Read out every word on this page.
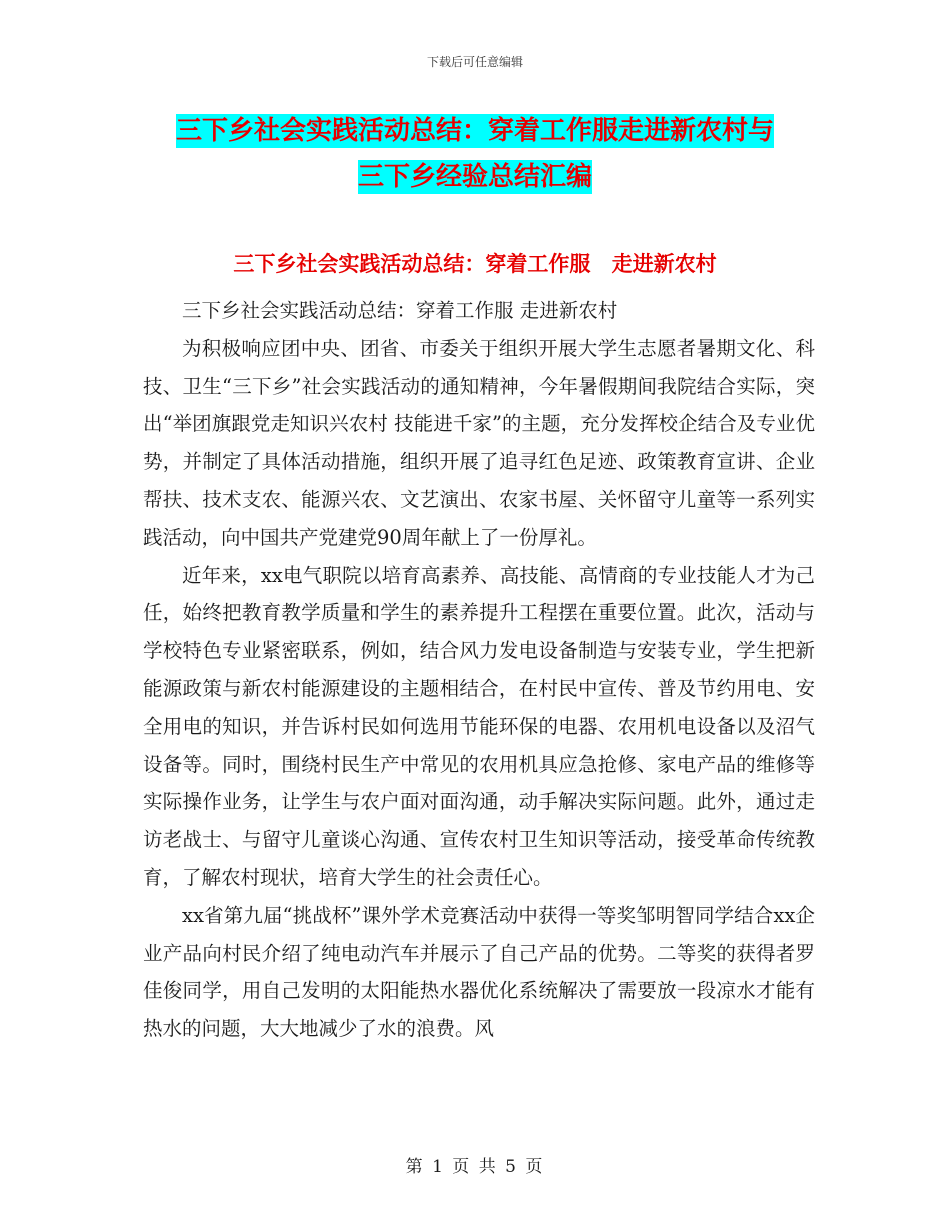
下载后可任意编辑
三下乡社会实践活动总结：穿着工作服走进新农村与
三下乡经验总结汇编
三下乡社会实践活动总结：穿着工作服 走进新农村

三下乡社会实践活动总结：穿着工作服 走进新农村

为积极响应团中央、团省、市委关于组织开展大学生志愿者暑期文化、科技、卫生“三下乡”社会实践活动的通知精神，今年暑假期间我院结合实际，突出“举团旗跟党走知识兴农村 技能进千家”的主题，充分发挥校企结合及专业优势，并制定了具体活动措施，组织开展了追寻红色足迹、政策教育宣讲、企业帮扶、技术支农、能源兴农、文艺演出、农家书屋、关怀留守儿童等一系列实践活动，向中国共产党建党90周年献上了一份厚礼。

近年来，xx电气职院以培育高素养、高技能、高情商的专业技能人才为己任，始终把教育教学质量和学生的素养提升工程摆在重要位置。此次，活动与学校特色专业紧密联系，例如，结合风力发电设备制造与安装专业，学生把新能源政策与新农村能源建设的主题相结合，在村民中宣传、普及节约用电、安全用电的知识，并告诉村民如何选用节能环保的电器、农用机电设备以及沼气设备等。同时，围绕村民生产中常见的农用机具应急抢修、家电产品的维修等实际操作业务，让学生与农户面对面沟通，动手解决实际问题。此外，通过走访老战士、与留守儿童谈心沟通、宣传农村卫生知识等活动，接受革命传统教育，了解农村现状，培育大学生的社会责任心。

xx省第九届“挑战杯”课外学术竞赛活动中获得一等奖邹明智同学结合xx企业产品向村民介绍了纯电动汽车并展示了自己产品的优势。二等奖的获得者罗佳俊同学，用自己发明的太阳能热水器优化系统解决了需要放一段凉水才能有热水的问题，大大地减少了水的浪费。风

第 1 页 共 5 页
